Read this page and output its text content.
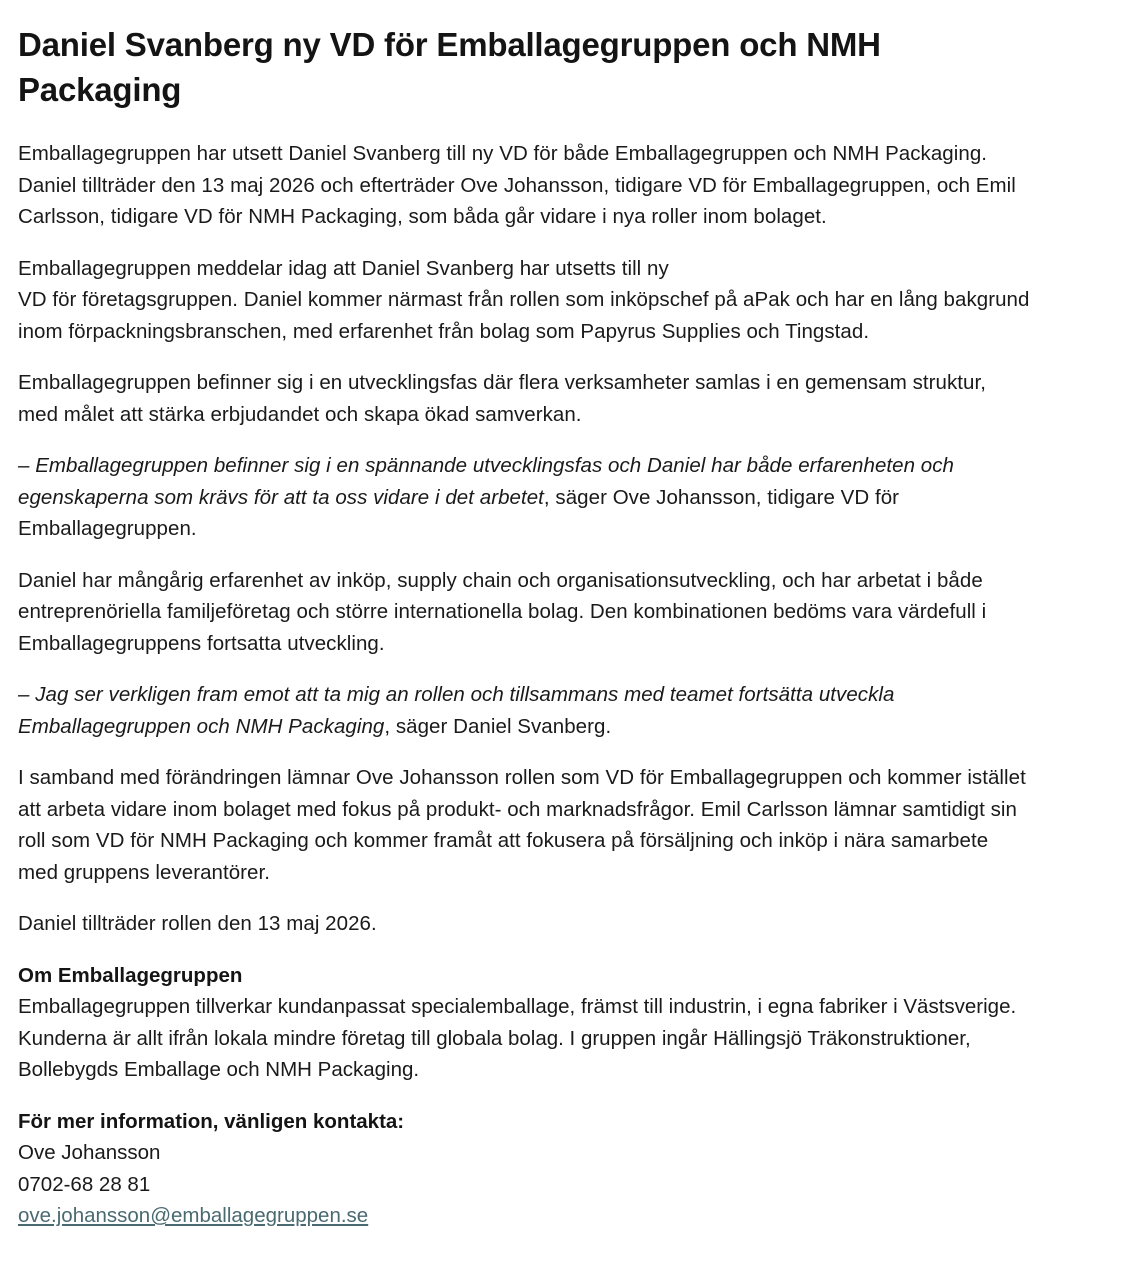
Daniel Svanberg ny VD för Emballagegruppen och NMH Packaging

Emballagegruppen har utsett Daniel Svanberg till ny VD för både Emballagegruppen och NMH Packaging. Daniel tillträder den 13 maj 2026 och efterträder Ove Johansson, tidigare VD för Emballagegruppen, och Emil Carlsson, tidigare VD för NMH Packaging, som båda går vidare i nya roller inom bolaget.

Emballagegruppen meddelar idag att Daniel Svanberg har utsetts till ny
VD för företagsgruppen. Daniel kommer närmast från rollen som inköpschef på aPak och har en lång bakgrund inom förpackningsbranschen, med erfarenhet från bolag som Papyrus Supplies och Tingstad.

Emballagegruppen befinner sig i en utvecklingsfas där flera verksamheter samlas i en gemensam struktur, med målet att stärka erbjudandet och skapa ökad samverkan.

– Emballagegruppen befinner sig i en spännande utvecklingsfas och Daniel har både erfarenheten och egenskaperna som krävs för att ta oss vidare i det arbetet, säger Ove Johansson, tidigare VD för Emballagegruppen.

Daniel har mångårig erfarenhet av inköp, supply chain och organisationsutveckling, och har arbetat i både entreprenöriella familjeföretag och större internationella bolag. Den kombinationen bedöms vara värdefull i Emballagegruppens fortsatta utveckling.

– Jag ser verkligen fram emot att ta mig an rollen och tillsammans med teamet fortsätta utveckla Emballagegruppen och NMH Packaging, säger Daniel Svanberg.

I samband med förändringen lämnar Ove Johansson rollen som VD för Emballagegruppen och kommer istället att arbeta vidare inom bolaget med fokus på produkt- och marknadsfrågor. Emil Carlsson lämnar samtidigt sin roll som VD för NMH Packaging och kommer framåt att fokusera på försäljning och inköp i nära samarbete med gruppens leverantörer.

Daniel tillträder rollen den 13 maj 2026.

Om Emballagegruppen
Emballagegruppen tillverkar kundanpassat specialemballage, främst till industrin, i egna fabriker i Västsverige. Kunderna är allt ifrån lokala mindre företag till globala bolag. I gruppen ingår Hällingsjö Träkonstruktioner, Bollebygds Emballage och NMH Packaging.
För mer information, vänligen kontakta:
Ove Johansson
0702-68 28 81
ove.johansson@emballagegruppen.se
